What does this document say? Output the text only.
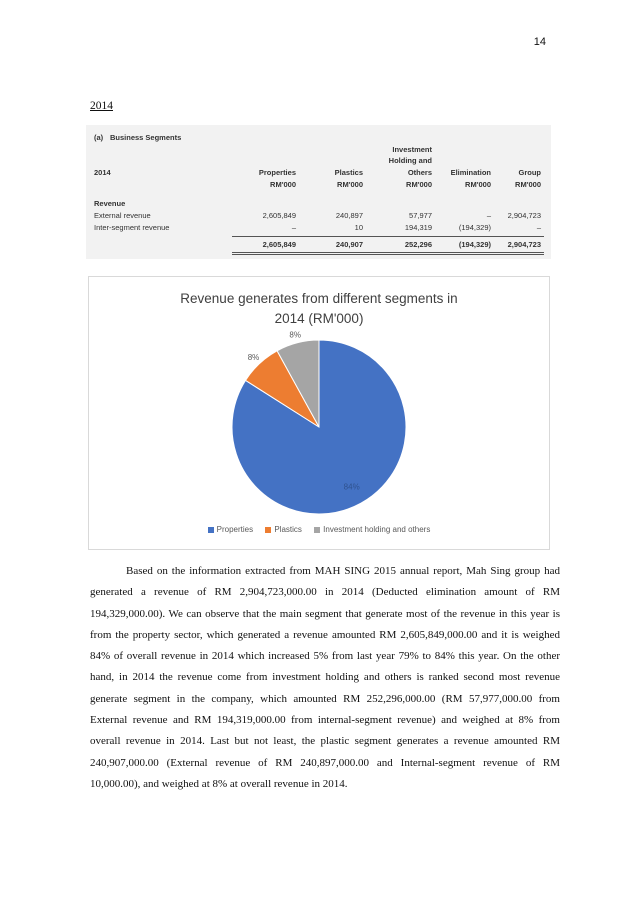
14
2014
(a) Business Segments
Investment
Holding and
2014	Properties	Plastics	Others	Elimination	Group
RM'000	RM'000	RM'000	RM'000	RM'000
Revenue
External revenue	2,605,849	240,897	57,977	–	2,904,723
Inter-segment revenue	–	10	194,319	(194,329)	–
2,605,849	240,907	252,296	(194,329)	2,904,723
Revenue generates from different segments in
2014 (RM'000)
84%
8%
8%
Properties	Plastics	Investment holding and others

Based on the information extracted from MAH SING 2015 annual report, Mah Sing group had generated a revenue of RM 2,904,723,000.00 in 2014 (Deducted elimination amount of RM 194,329,000.00). We can observe that the main segment that generate most of the revenue in this year is from the property sector, which generated a revenue amounted RM 2,605,849,000.00 and it is weighed 84% of overall revenue in 2014 which increased 5% from last year 79% to 84% this year. On the other hand, in 2014 the revenue come from investment holding and others is ranked second most revenue generate segment in the company, which amounted RM 252,296,000.00 (RM 57,977,000.00 from External revenue and RM 194,319,000.00 from internal-segment revenue) and weighed at 8% from overall revenue in 2014. Last but not least, the plastic segment generates a revenue amounted RM 240,907,000.00 (External revenue of RM 240,897,000.00 and Internal-segment revenue of RM 10,000.00), and weighed at 8% at overall revenue in 2014.
